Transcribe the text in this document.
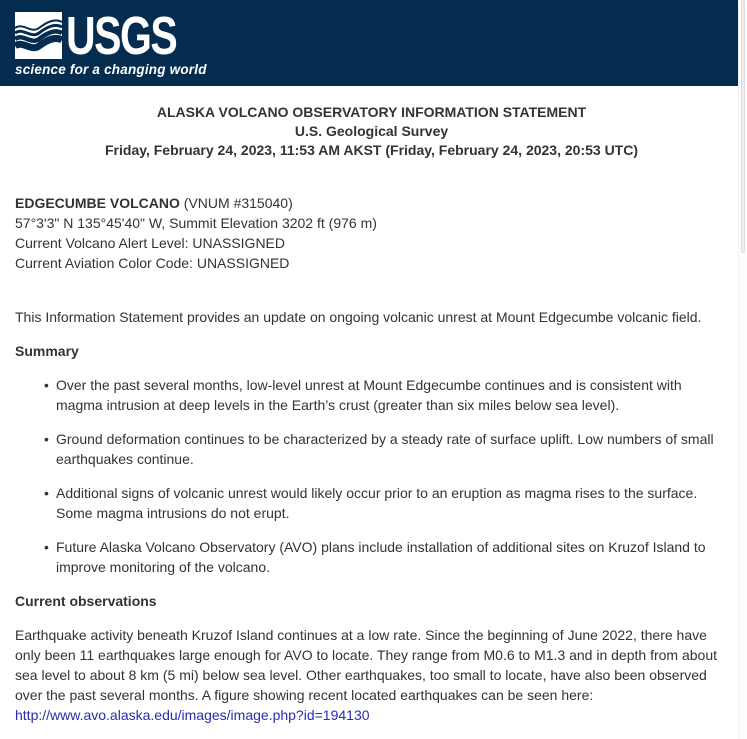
USGS
science for a changing world
ALASKA VOLCANO OBSERVATORY INFORMATION STATEMENT
U.S. Geological Survey
Friday, February 24, 2023, 11:53 AM AKST (Friday, February 24, 2023, 20:53 UTC)
EDGECUMBE VOLCANO (VNUM #315040)
57°3'3" N 135°45'40" W, Summit Elevation 3202 ft (976 m)
Current Volcano Alert Level: UNASSIGNED
Current Aviation Color Code: UNASSIGNED

This Information Statement provides an update on ongoing volcanic unrest at Mount Edgecumbe volcanic field.

Summary

• Over the past several months, low-level unrest at Mount Edgecumbe continues and is consistent with magma intrusion at deep levels in the Earth’s crust (greater than six miles below sea level).
• Ground deformation continues to be characterized by a steady rate of surface uplift. Low numbers of small earthquakes continue.
• Additional signs of volcanic unrest would likely occur prior to an eruption as magma rises to the surface. Some magma intrusions do not erupt.
• Future Alaska Volcano Observatory (AVO) plans include installation of additional sites on Kruzof Island to improve monitoring of the volcano.

Current observations

Earthquake activity beneath Kruzof Island continues at a low rate. Since the beginning of June 2022, there have only been 11 earthquakes large enough for AVO to locate. They range from M0.6 to M1.3 and in depth from about sea level to about 8 km (5 mi) below sea level. Other earthquakes, too small to locate, have also been observed over the past several months. A figure showing recent located earthquakes can be seen here: http://www.avo.alaska.edu/images/image.php?id=194130
